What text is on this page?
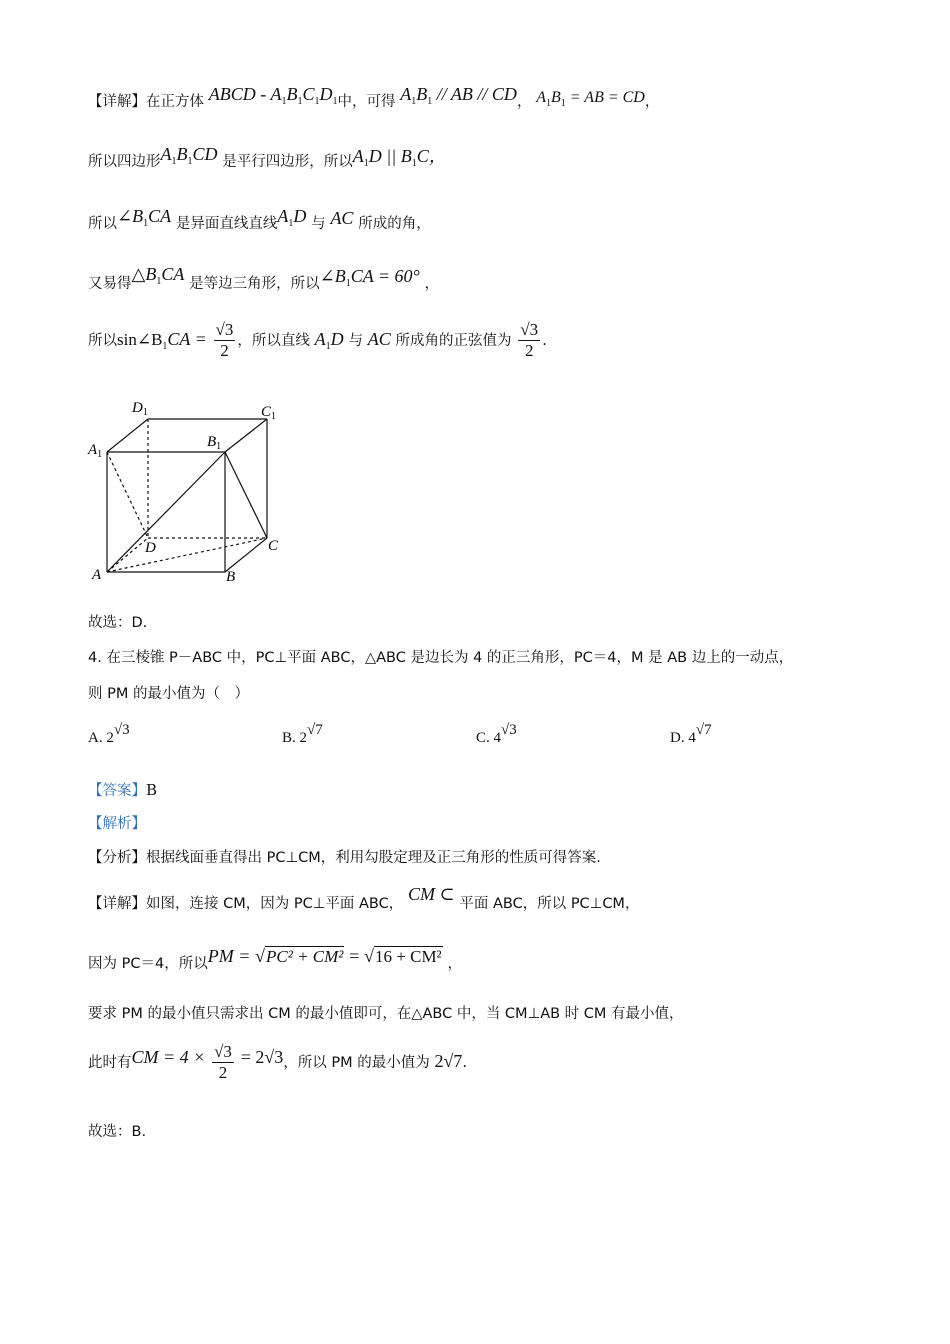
【详解】在正方体 ABCD - $A_1B_1C_1D_1$中，可得 $A_1B_1$ // AB // CD， $A_1B_1$ = AB = CD，
所以四边形$A_1B_1CD$ 是平行四边形，所以$A_1D$ || $B_1C$，
所以$\angle B_1CA$ 是异面直线直线$A_1D$ 与 AC 所成的角，
又易得$\triangle B_1CA$ 是等边三角形，所以$\angle B_1CA = 60^\circ$ ，
所以$\sin\angle B_1CA = \frac{√3}{2}$ ，所以直线 $A_1D$ 与 AC 所成角的正弦值为 $\frac{√3}{2}$ .
$D_1$	$C_1$
$A_1$
$B_1$
D	C
A	B
故选：D.
4. 在三棱锥 P－ABC 中，PC⊥平面 ABC，△ABC 是边长为 4 的正三角形，PC＝4，M 是 AB 边上的一动点，
则 PM 的最小值为（　）
A. 2√3	B. 2√7	C. 4√3	D. 4√7
【答案】B
【解析】
【分析】根据线面垂直得出 PC⊥CM，利用勾股定理及正三角形的性质可得答案.
【详解】如图，连接 CM，因为 PC⊥平面 ABC， CM ⊂ 平面 ABC，所以 PC⊥CM，
因为 PC＝4，所以PM = √PC² + CM² = √16 + CM² ，
要求 PM 的最小值只需求出 CM 的最小值即可，在△ABC 中，当 CM⊥AB 时 CM 有最小值，
此时有CM = $4 \times \frac{√3}{2} = 2√3$，所以 PM 的最小值为 2√7.
故选：B.
